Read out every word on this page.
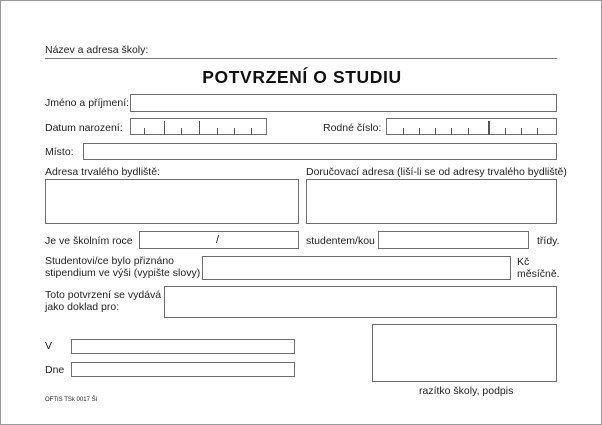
Název a adresa školy:
POTVRZENÍ O STUDIU
Jméno a příjmení:
Datum narození:	Rodné číslo:
Místo:
Adresa trvalého bydliště:	Doručovací adresa (liší-li se od adresy trvalého bydliště)
Je ve školním roce	/	studentem/kou	třídy.
Studentovi/ce bylo přiznáno
stipendium ve výši (vypište slovy)
Kč
měsíčně.
Toto potvrzení se vydává
jako doklad pro:
V
Dne
razítko školy, podpis
OFTIS TSk 0017 Ší
